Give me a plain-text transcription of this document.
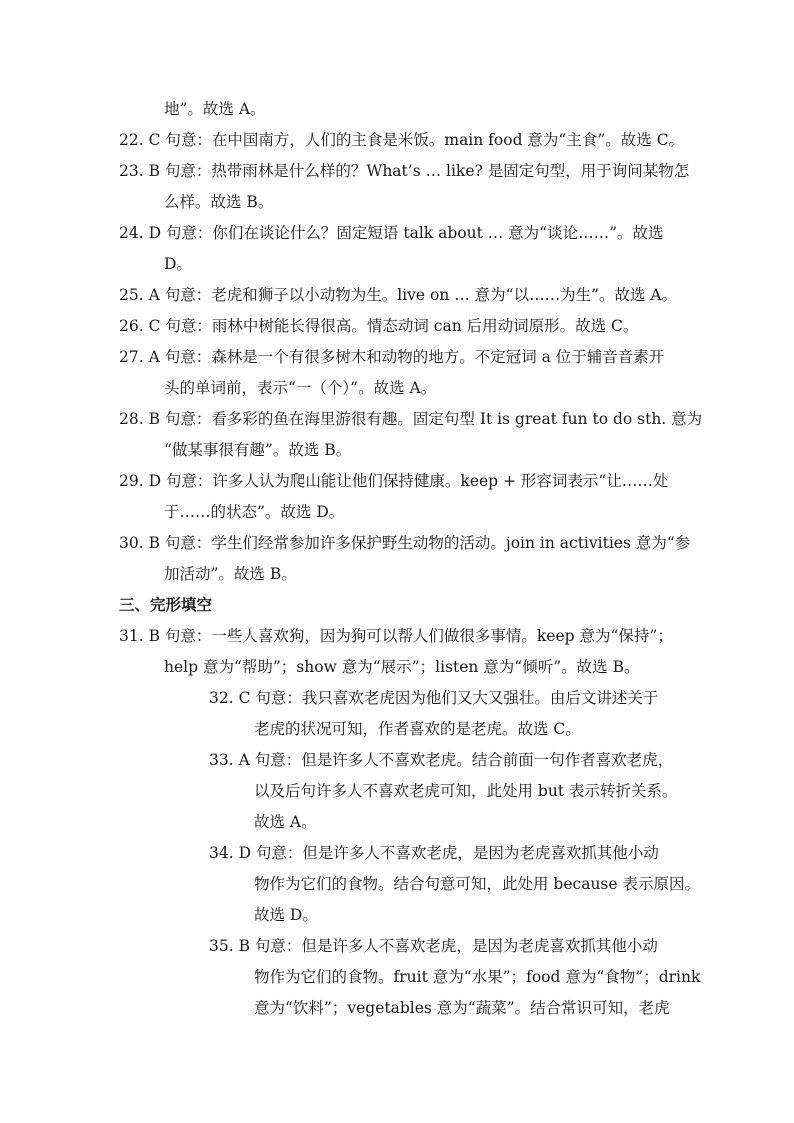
地”。故选 A。
22. C 句意：在中国南方，人们的主食是米饭。main food 意为“主食”。故选 C。
23. B 句意：热带雨林是什么样的？What’s … like? 是固定句型，用于询问某物怎
么样。故选 B。
24. D 句意：你们在谈论什么？固定短语 talk about … 意为“谈论……”。故选
D。
25. A 句意：老虎和狮子以小动物为生。live on … 意为“以……为生”。故选 A。
26. C 句意：雨林中树能长得很高。情态动词 can 后用动词原形。故选 C。
27. A 句意：森林是一个有很多树木和动物的地方。不定冠词 a 位于辅音音素开
头的单词前，表示“一（个）”。故选 A。
28. B 句意：看多彩的鱼在海里游很有趣。固定句型 It is great fun to do sth. 意为
“做某事很有趣”。故选 B。
29. D 句意：许多人认为爬山能让他们保持健康。keep + 形容词表示“让……处
于……的状态”。故选 D。
30. B 句意：学生们经常参加许多保护野生动物的活动。join in activities 意为“参
加活动”。故选 B。
三、完形填空
31. B 句意：一些人喜欢狗，因为狗可以帮人们做很多事情。keep 意为“保持”；
help 意为“帮助”；show 意为“展示”；listen 意为“倾听”。故选 B。
32. C 句意：我只喜欢老虎因为他们又大又强壮。由后文讲述关于
老虎的状况可知，作者喜欢的是老虎。故选 C。
33. A 句意：但是许多人不喜欢老虎。结合前面一句作者喜欢老虎，
以及后句许多人不喜欢老虎可知，此处用 but 表示转折关系。
故选 A。
34. D 句意：但是许多人不喜欢老虎，是因为老虎喜欢抓其他小动
物作为它们的食物。结合句意可知，此处用 because 表示原因。
故选 D。
35. B 句意：但是许多人不喜欢老虎，是因为老虎喜欢抓其他小动
物作为它们的食物。fruit 意为“水果”；food 意为“食物”；drink
意为“饮料”；vegetables 意为“蔬菜”。结合常识可知，老虎
